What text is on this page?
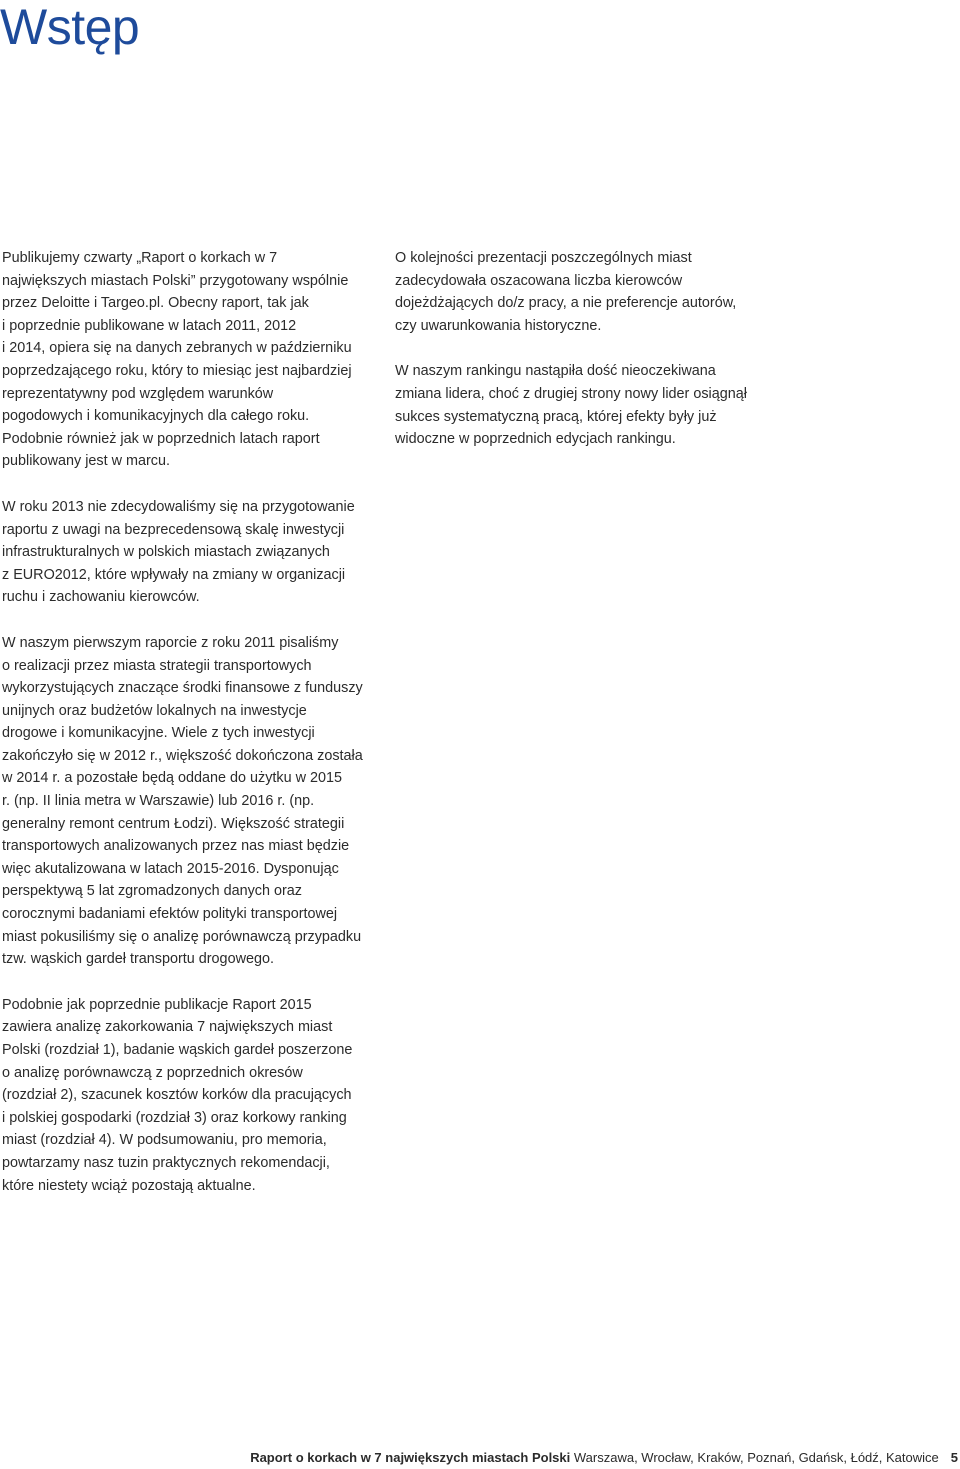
Wstęp

Publikujemy czwarty „Raport o korkach w 7
największych miastach Polski” przygotowany wspólnie
przez Deloitte i Targeo.pl. Obecny raport, tak jak
i poprzednie publikowane w latach 2011, 2012
i 2014, opiera się na danych zebranych w październiku
poprzedzającego roku, który to miesiąc jest najbardziej
reprezentatywny pod względem warunków
pogodowych i komunikacyjnych dla całego roku.
Podobnie również jak w poprzednich latach raport
publikowany jest w marcu.

W roku 2013 nie zdecydowaliśmy się na przygotowanie
raportu z uwagi na bezprecedensową skalę inwestycji
infrastrukturalnych w polskich miastach związanych
z EURO2012, które wpływały na zmiany w organizacji
ruchu i zachowaniu kierowców.

W naszym pierwszym raporcie z roku 2011 pisaliśmy
o realizacji przez miasta strategii transportowych
wykorzystujących znaczące środki finansowe z funduszy
unijnych oraz budżetów lokalnych na inwestycje
drogowe i komunikacyjne. Wiele z tych inwestycji
zakończyło się w 2012 r., większość dokończona została
w 2014 r. a pozostałe będą oddane do użytku w 2015
r. (np. II linia metra w Warszawie) lub 2016 r. (np.
generalny remont centrum Łodzi). Większość strategii
transportowych analizowanych przez nas miast będzie
więc akutalizowana w latach 2015-2016. Dysponując
perspektywą 5 lat zgromadzonych danych oraz
corocznymi badaniami efektów polityki transportowej
miast pokusiliśmy się o analizę porównawczą przypadku
tzw. wąskich gardeł transportu drogowego.

Podobnie jak poprzednie publikacje Raport 2015
zawiera analizę zakorkowania 7 największych miast
Polski (rozdział 1), badanie wąskich gardeł poszerzone
o analizę porównawczą z poprzednich okresów
(rozdział 2), szacunek kosztów korków dla pracujących
i polskiej gospodarki (rozdział 3) oraz korkowy ranking
miast (rozdział 4). W podsumowaniu, pro memoria,
powtarzamy nasz tuzin praktycznych rekomendacji,
które niestety wciąż pozostają aktualne.

O kolejności prezentacji poszczególnych miast
zadecydowała oszacowana liczba kierowców
dojeżdżających do/z pracy, a nie preferencje autorów,
czy uwarunkowania historyczne.

W naszym rankingu nastąpiła dość nieoczekiwana
zmiana lidera, choć z drugiej strony nowy lider osiągnął
sukces systematyczną pracą, której efekty były już
widoczne w poprzednich edycjach rankingu.

Raport o korkach w 7 największych miastach Polski Warszawa, Wrocław, Kraków, Poznań, Gdańsk, Łódź, Katowice 5
